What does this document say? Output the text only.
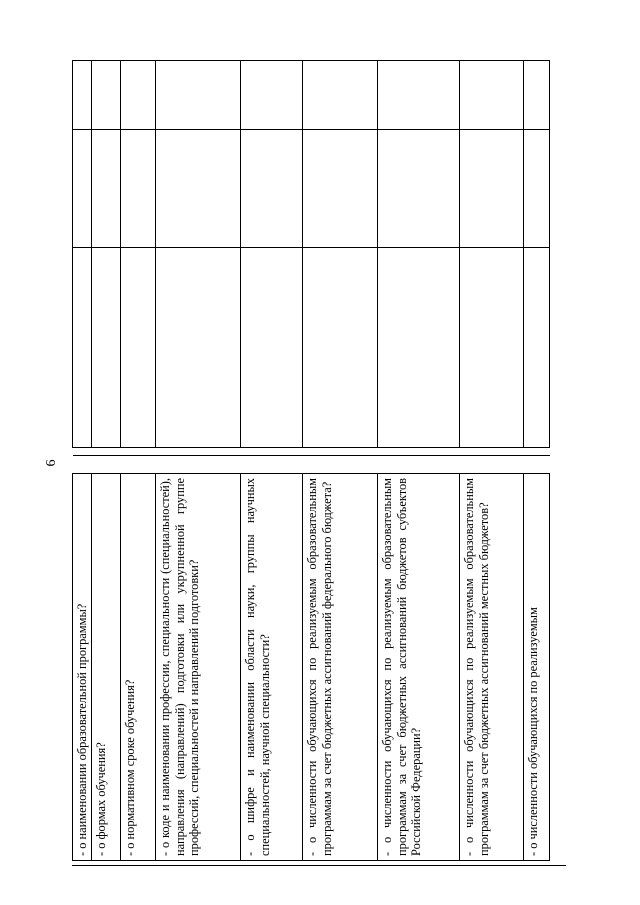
6
- о наименовании образовательной программы?					

- о формах обучения?					

- о нормативном сроке обучения?					

- о коде и наименовании профессии, специальности (специальностей), направления (направлений) подготовки или укрупненной группе профессий, специальностей и направлений подготовки?					

- о шифре и наименовании области науки, группы научных специальностей, научной специальности?					

- о численности обучающихся по реализуемым образовательным программам за счет бюджетных ассигнований федерального бюджета?					

- о численности обучающихся по реализуемым образовательным программам за счет бюджетных ассигнований бюджетов субъектов Российской Федерации?					

- о численности обучающихся по реализуемым образовательным программам за счет бюджетных ассигнований местных бюджетов?					

- о численности обучающихся по реализуемым					
